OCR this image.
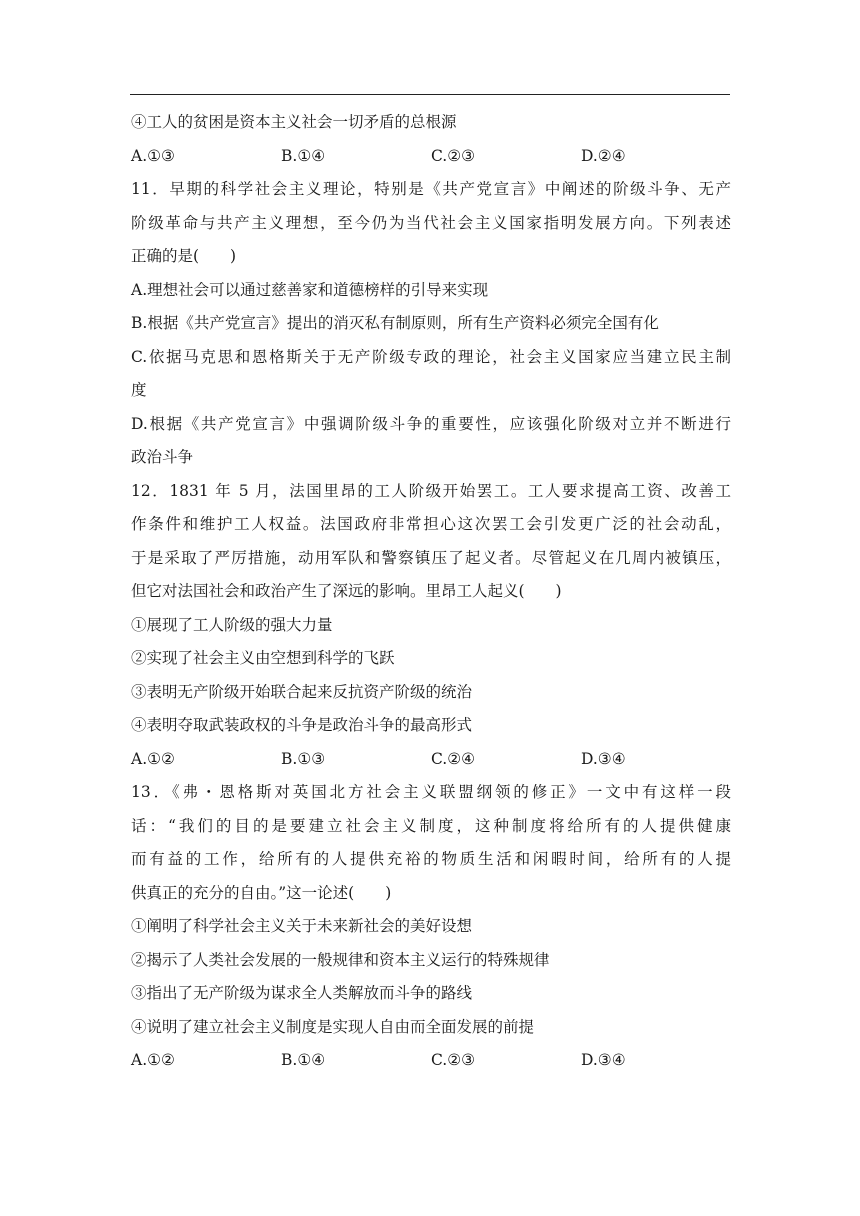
④工人的贫困是资本主义社会一切矛盾的总根源
A.①③	B.①④	C.②③	D.②④
11．早期的科学社会主义理论，特别是《共产党宣言》中阐述的阶级斗争、无产
阶级革命与共产主义理想，至今仍为当代社会主义国家指明发展方向。下列表述
正确的是(　　)
A.理想社会可以通过慈善家和道德榜样的引导来实现
B.根据《共产党宣言》提出的消灭私有制原则，所有生产资料必须完全国有化
C.依据马克思和恩格斯关于无产阶级专政的理论，社会主义国家应当建立民主制
度
D.根据《共产党宣言》中强调阶级斗争的重要性，应该强化阶级对立并不断进行
政治斗争
12．1831 年 5 月，法国里昂的工人阶级开始罢工。工人要求提高工资、改善工
作条件和维护工人权益。法国政府非常担心这次罢工会引发更广泛的社会动乱，
于是采取了严厉措施，动用军队和警察镇压了起义者。尽管起义在几周内被镇压，
但它对法国社会和政治产生了深远的影响。里昂工人起义(　　)
①展现了工人阶级的强大力量
②实现了社会主义由空想到科学的飞跃
③表明无产阶级开始联合起来反抗资产阶级的统治
④表明夺取武装政权的斗争是政治斗争的最高形式
A.①②	B.①③	C.②④	D.③④
13．《弗・恩格斯对英国北方社会主义联盟纲领的修正》一文中有这样一段
话：“我们的目的是要建立社会主义制度，这种制度将给所有的人提供健康
而有益的工作，给所有的人提供充裕的物质生活和闲暇时间，给所有的人提
供真正的充分的自由。”这一论述(　　)
①阐明了科学社会主义关于未来新社会的美好设想
②揭示了人类社会发展的一般规律和资本主义运行的特殊规律
③指出了无产阶级为谋求全人类解放而斗争的路线
④说明了建立社会主义制度是实现人自由而全面发展的前提
A.①②	B.①④	C.②③	D.③④
